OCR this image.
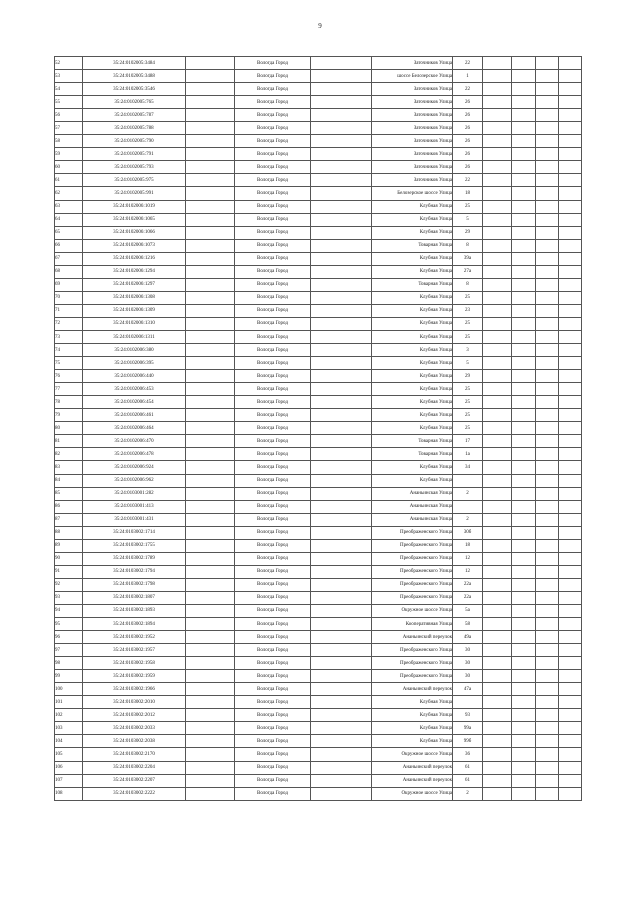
9
52	35:24:0102005:3484		Вологда Город		Заточников Улица	22				
53	35:24:0102005:3488		Вологда Город		шоссе Белозерское Улица	1				
54	35:24:0102005:3546		Вологда Город		Заточников Улица	22				
55	35:24:0102005:765		Вологда Город		Заточников Улица	26				
56	35:24:0102005:787		Вологда Город		Заточников Улица	26				
57	35:24:0102005:788		Вологда Город		Заточников Улица	26				
58	35:24:0102005:790		Вологда Город		Заточников Улица	26				
59	35:24:0102005:791		Вологда Город		Заточников Улица	26				
60	35:24:0102005:793		Вологда Город		Заточников Улица	26				
61	35:24:0102005:975		Вологда Город		Заточников Улица	22				
62	35:24:0102005:991		Вологда Город		Белозерское шоссе Улица	18				
63	35:24:0102006:1019		Вологда Город		Клубная Улица	25				
64	35:24:0102006:1065		Вологда Город		Клубная Улица	5				
65	35:24:0102006:1066		Вологда Город		Клубная Улица	29				
66	35:24:0102006:1073		Вологда Город		Товарная Улица	8				
67	35:24:0102006:1216		Вологда Город		Клубная Улица	39а				
68	35:24:0102006:1294		Вологда Город		Клубная Улица	27а				
69	35:24:0102006:1297		Вологда Город		Товарная Улица	8				
70	35:24:0102006:1308		Вологда Город		Клубная Улица	25				
71	35:24:0102006:1309		Вологда Город		Клубная Улица	23				
72	35:24:0102006:1310		Вологда Город		Клубная Улица	25				
73	35:24:0102006:1311		Вологда Город		Клубная Улица	25				
74	35:24:0102006:380		Вологда Город		Клубная Улица	3				
75	35:24:0102006:395		Вологда Город		Клубная Улица	5				
76	35:24:0102006:440		Вологда Город		Клубная Улица	29				
77	35:24:0102006:453		Вологда Город		Клубная Улица	25				
78	35:24:0102006:454		Вологда Город		Клубная Улица	25				
79	35:24:0102006:461		Вологда Город		Клубная Улица	25				
80	35:24:0102006:464		Вологда Город		Клубная Улица	25				
81	35:24:0102006:470		Вологда Город		Товарная Улица	17				
82	35:24:0102006:478		Вологда Город		Товарная Улица	1а				
83	35:24:0102006:924		Вологда Город		Клубная Улица	34				
84	35:24:0102006:962		Вологда Город		Клубная Улица					
85	35:24:0103001:282		Вологда Город		Ананьинская Улица	2				
86	35:24:0103001:413		Вологда Город		Ананьинская Улица					
87	35:24:0103001:431		Вологда Город		Ананьинская Улица	2				
88	35:24:0103002:1714		Вологда Город		Преображенского Улица	30б				
89	35:24:0103002:1755		Вологда Город		Преображенского Улица	18				
90	35:24:0103002:1789		Вологда Город		Преображенского Улица	12				
91	35:24:0103002:1794		Вологда Город		Преображенского Улица	12				
92	35:24:0103002:1798		Вологда Город		Преображенского Улица	22а				
93	35:24:0103002:1807		Вологда Город		Преображенского Улица	22а				
94	35:24:0103002:1893		Вологда Город		Окружное шоссе Улица	5а				
95	35:24:0103002:1894		Вологда Город		Кооперативная Улица	58				
96	35:24:0103002:1952		Вологда Город		Ананьинский переулок	49а				
97	35:24:0103002:1957		Вологда Город		Преображенского Улица	30				
98	35:24:0103002:1958		Вологда Город		Преображенского Улица	30				
99	35:24:0103002:1959		Вологда Город		Преображенского Улица	30				
100	35:24:0103002:1966		Вологда Город		Ананьинский переулок	47а				
101	35:24:0103002:2010		Вологда Город		Клубная Улица					
102	35:24:0103002:2012		Вологда Город		Клубная Улица	93				
103	35:24:0103002:2033		Вологда Город		Клубная Улица	99а				
104	35:24:0103002:2038		Вологда Город		Клубная Улица	99б				
105	35:24:0103002:2170		Вологда Город		Окружное шоссе Улица	36				
106	35:24:0103002:2204		Вологда Город		Ананьинский переулок	61				
107	35:24:0103002:2207		Вологда Город		Ананьинский переулок	61				
108	35:24:0103002:2222		Вологда Город		Окружное шоссе Улица	2				
